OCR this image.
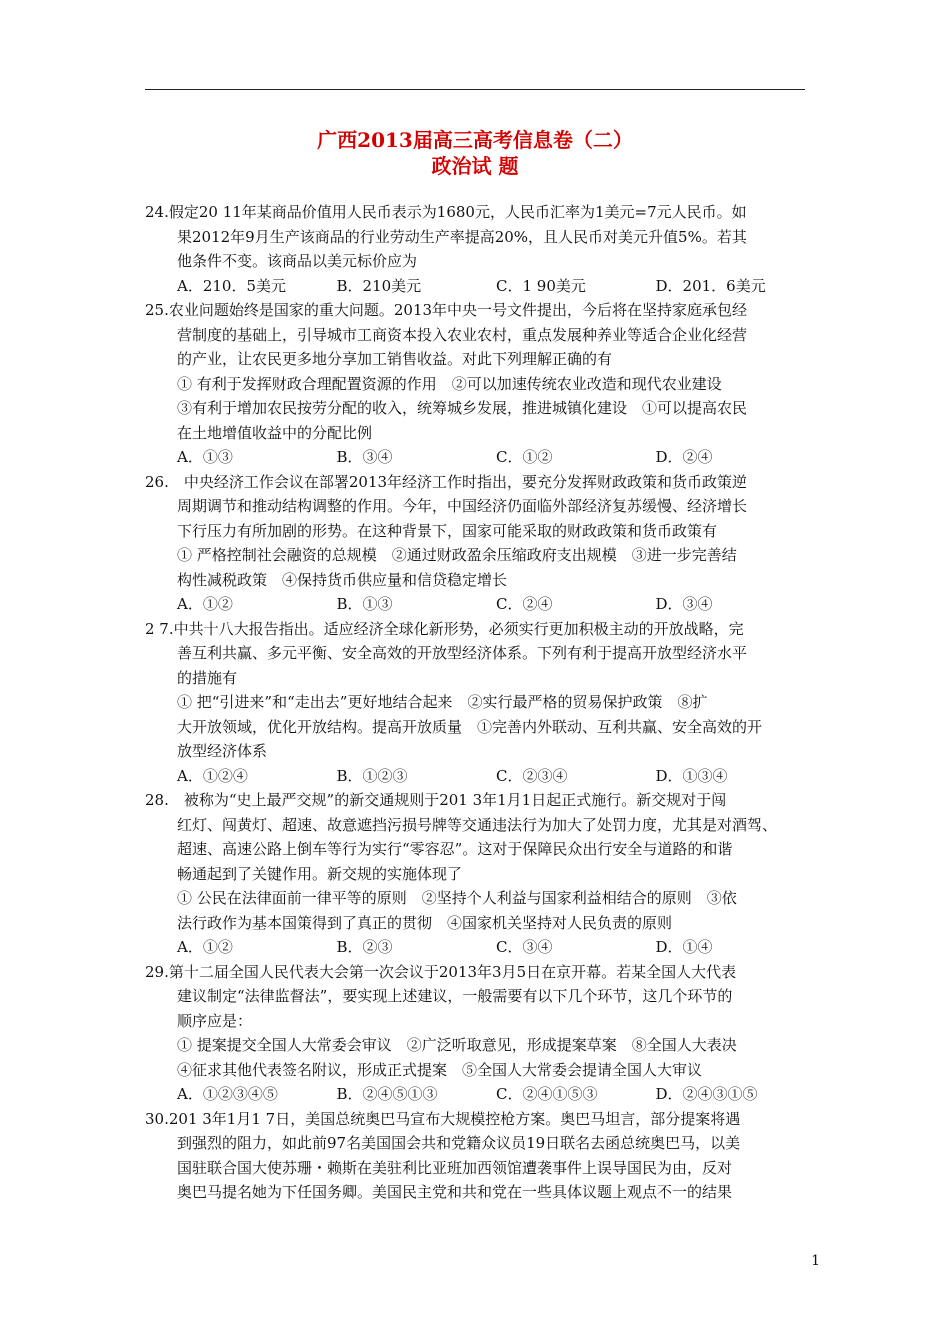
广西2013届高三高考信息卷（二）
政治试 题
24.假定20 11年某商品价值用人民币表示为1680元，人民币汇率为1美元=7元人民币。如
果2012年9月生产该商品的行业劳动生产率提高20%，且人民币对美元升值5%。若其
他条件不变。该商品以美元标价应为
A．210．5美元	B．210美元	C．1 90美元	D．201．6美元
25.农业问题始终是国家的重大问题。2013年中央一号文件提出，今后将在坚持家庭承包经
营制度的基础上，引导城市工商资本投入农业农村，重点发展种养业等适合企业化经营
的产业，让农民更多地分享加工销售收益。对此下列理解正确的有
① 有利于发挥财政合理配置资源的作用　②可以加速传统农业改造和现代农业建设
③有利于增加农民按劳分配的收入，统筹城乡发展，推进城镇化建设　①可以提高农民
在土地增值收益中的分配比例
A．①③	B．③④	C．①②	D．②④
26.　中央经济工作会议在部署2013年经济工作时指出，要充分发挥财政政策和货币政策逆
周期调节和推动结构调整的作用。今年，中国经济仍面临外部经济复苏缓慢、经济增长
下行压力有所加剧的形势。在这种背景下，国家可能采取的财政政策和货币政策有
① 严格控制社会融资的总规模　②通过财政盈余压缩政府支出规模　③进一步完善结
构性减税政策　④保持货币供应量和信贷稳定增长
A．①②	B．①③	C．②④	D．③④
2 7.中共十八大报告指出。适应经济全球化新形势，必须实行更加积极主动的开放战略，完
善互利共赢、多元平衡、安全高效的开放型经济体系。下列有利于提高开放型经济水平
的措施有
① 把“引进来”和“走出去”更好地结合起来　②实行最严格的贸易保护政策　⑧扩
大开放领域，优化开放结构。提高开放质量　①完善内外联动、互利共赢、安全高效的开
放型经济体系
A．①②④	B．①②③	C．②③④	D．①③④
28.　被称为“史上最严交规”的新交通规则于201 3年1月1日起正式施行。新交规对于闯
红灯、闯黄灯、超速、故意遮挡污损号牌等交通违法行为加大了处罚力度，尤其是对酒驾、
超速、高速公路上倒车等行为实行“零容忍”。这对于保障民众出行安全与道路的和谐
畅通起到了关键作用。新交规的实施体现了
① 公民在法律面前一律平等的原则　②坚持个人利益与国家利益相结合的原则　③依
法行政作为基本国策得到了真正的贯彻　④国家机关坚持对人民负责的原则
A．①②	B．②③	C．③④	D．①④
29.第十二届全国人民代表大会第一次会议于2013年3月5日在京开幕。若某全国人大代表
建议制定“法律监督法”，要实现上述建议，一般需要有以下几个环节，这几个环节的
顺序应是：
① 提案提交全国人大常委会审议　②广泛听取意见，形成提案草案　⑧全国人大表决
④征求其他代表签名附议，形成正式提案　⑤全国人大常委会提请全国人大审议
A．①②③④⑤	B．②④⑤①③	C．②④①⑤③	D．②④③①⑤
30.201 3年1月1 7日，美国总统奥巴马宣布大规模控枪方案。奥巴马坦言，部分提案将遇
到强烈的阻力，如此前97名美国国会共和党籍众议员19日联名去函总统奥巴马，以美
国驻联合国大使苏珊・赖斯在美驻利比亚班加西领馆遭袭事件上误导国民为由，反对
奥巴马提名她为下任国务卿。美国民主党和共和党在一些具体议题上观点不一的结果
1
